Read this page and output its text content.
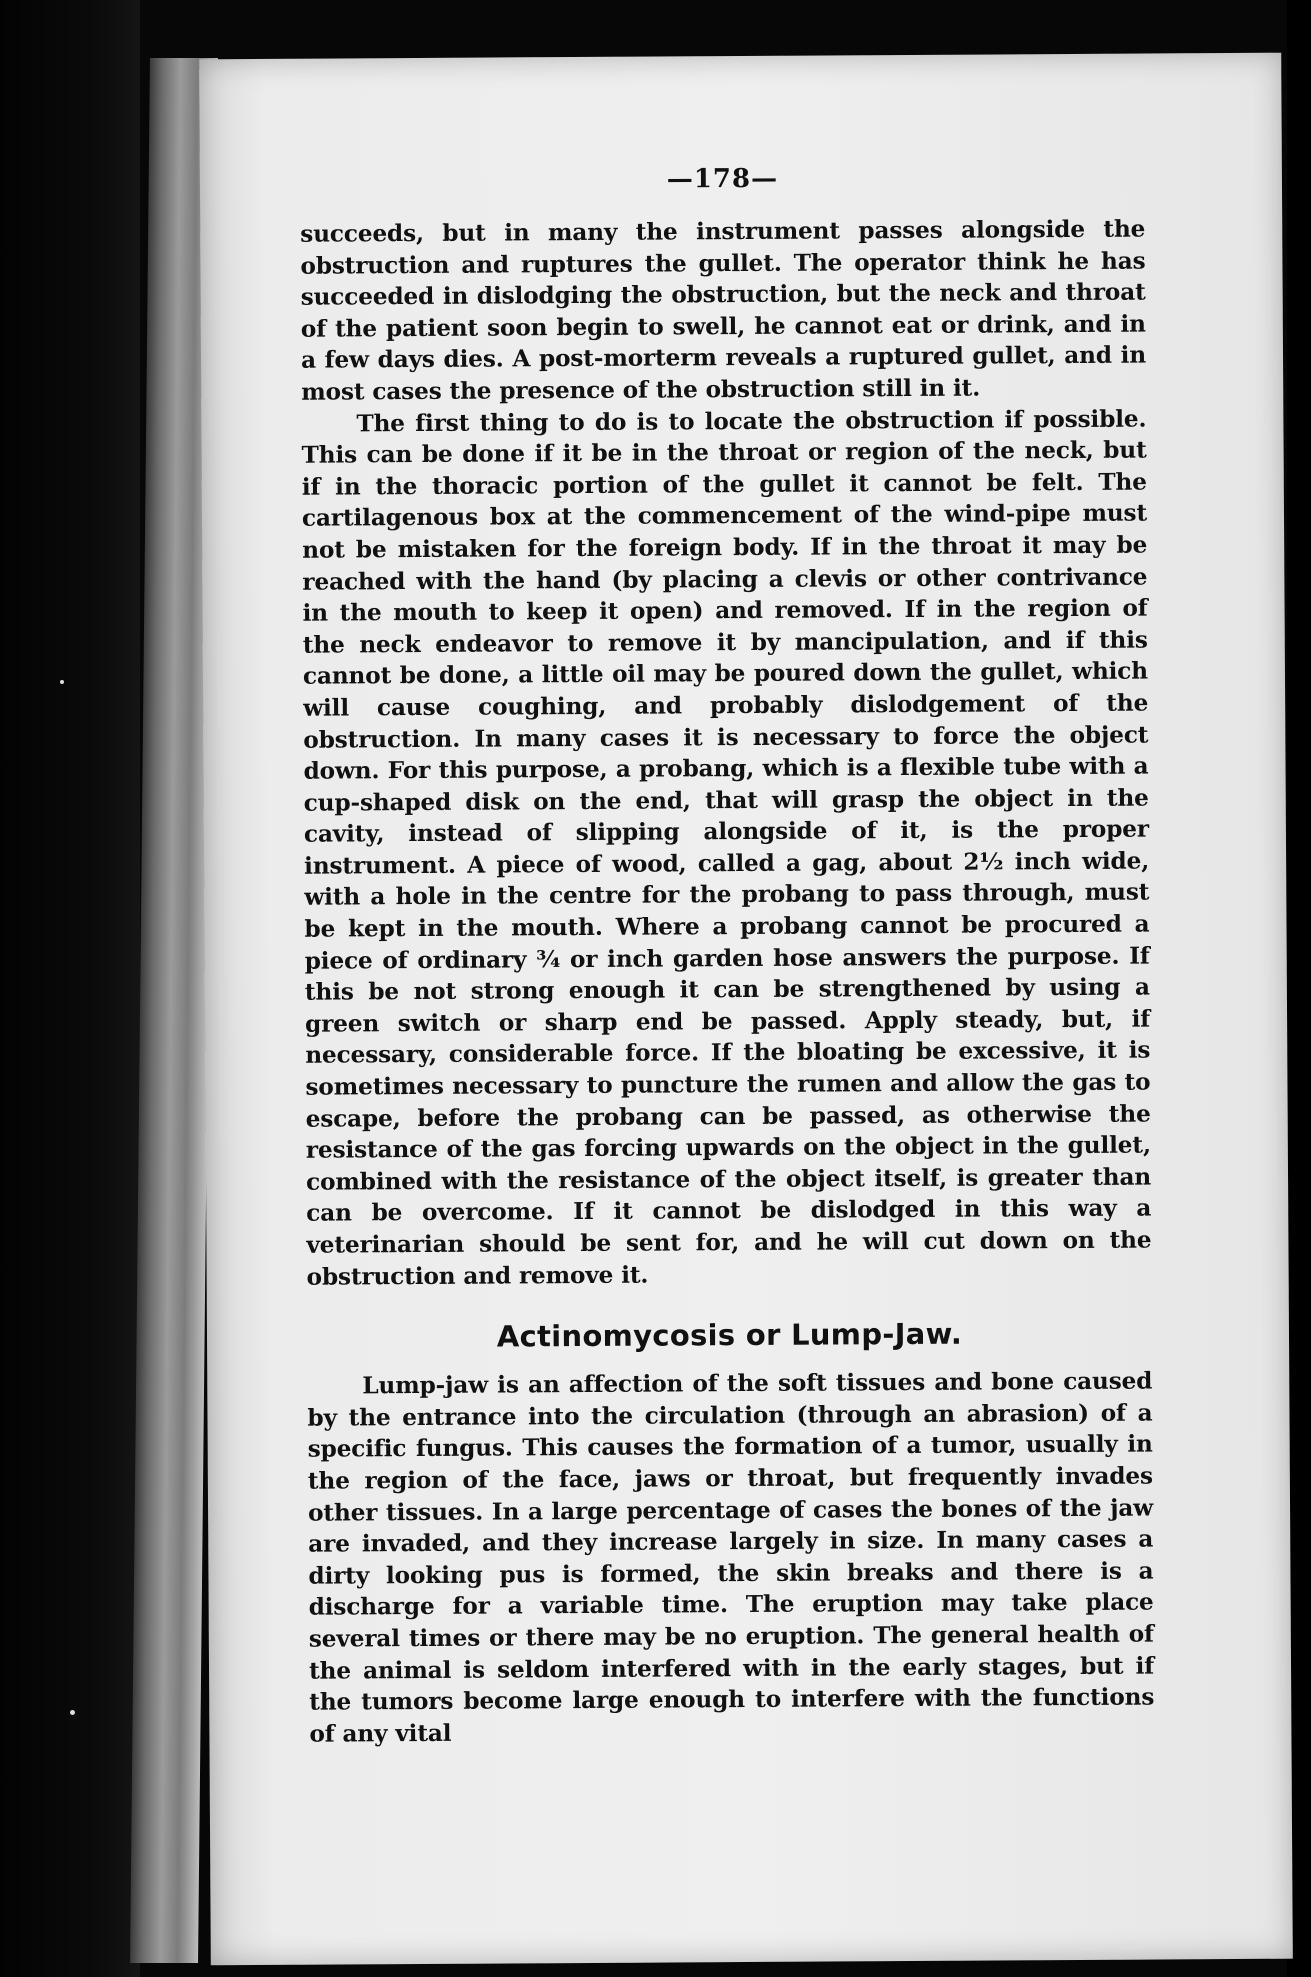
—178—

succeeds, but in many the instrument passes alongside the obstruction and ruptures the gullet. The operator think he has succeeded in dislodging the obstruction, but the neck and throat of the patient soon begin to swell, he cannot eat or drink, and in a few days dies. A post-morterm reveals a ruptured gullet, and in most cases the presence of the obstruction still in it.

The first thing to do is to locate the obstruction if possible. This can be done if it be in the throat or region of the neck, but if in the thoracic portion of the gullet it cannot be felt. The cartilagenous box at the commencement of the wind-pipe must not be mistaken for the foreign body. If in the throat it may be reached with the hand (by placing a clevis or other contrivance in the mouth to keep it open) and removed. If in the region of the neck endeavor to remove it by mancipulation, and if this cannot be done, a little oil may be poured down the gullet, which will cause coughing, and probably dislodgement of the obstruction. In many cases it is necessary to force the object down. For this purpose, a probang, which is a flexible tube with a cup-shaped disk on the end, that will grasp the object in the cavity, instead of slipping alongside of it, is the proper instrument. A piece of wood, called a gag, about 2½ inch wide, with a hole in the centre for the probang to pass through, must be kept in the mouth. Where a probang cannot be procured a piece of ordinary ¾ or inch garden hose answers the purpose. If this be not strong enough it can be strengthened by using a green switch or sharp end be passed. Apply steady, but, if necessary, considerable force. If the bloating be excessive, it is sometimes necessary to puncture the rumen and allow the gas to escape, before the probang can be passed, as otherwise the resistance of the gas forcing upwards on the object in the gullet, combined with the resistance of the object itself, is greater than can be overcome. If it cannot be dislodged in this way a veterinarian should be sent for, and he will cut down on the obstruction and remove it.

Actinomycosis or Lump-Jaw.

Lump-jaw is an affection of the soft tissues and bone caused by the entrance into the circulation (through an abrasion) of a specific fungus. This causes the formation of a tumor, usually in the region of the face, jaws or throat, but frequently invades other tissues. In a large percentage of cases the bones of the jaw are invaded, and they increase largely in size. In many cases a dirty looking pus is formed, the skin breaks and there is a discharge for a variable time. The eruption may take place several times or there may be no eruption. The general health of the animal is seldom interfered with in the early stages, but if the tumors become large enough to interfere with the functions of any vital
